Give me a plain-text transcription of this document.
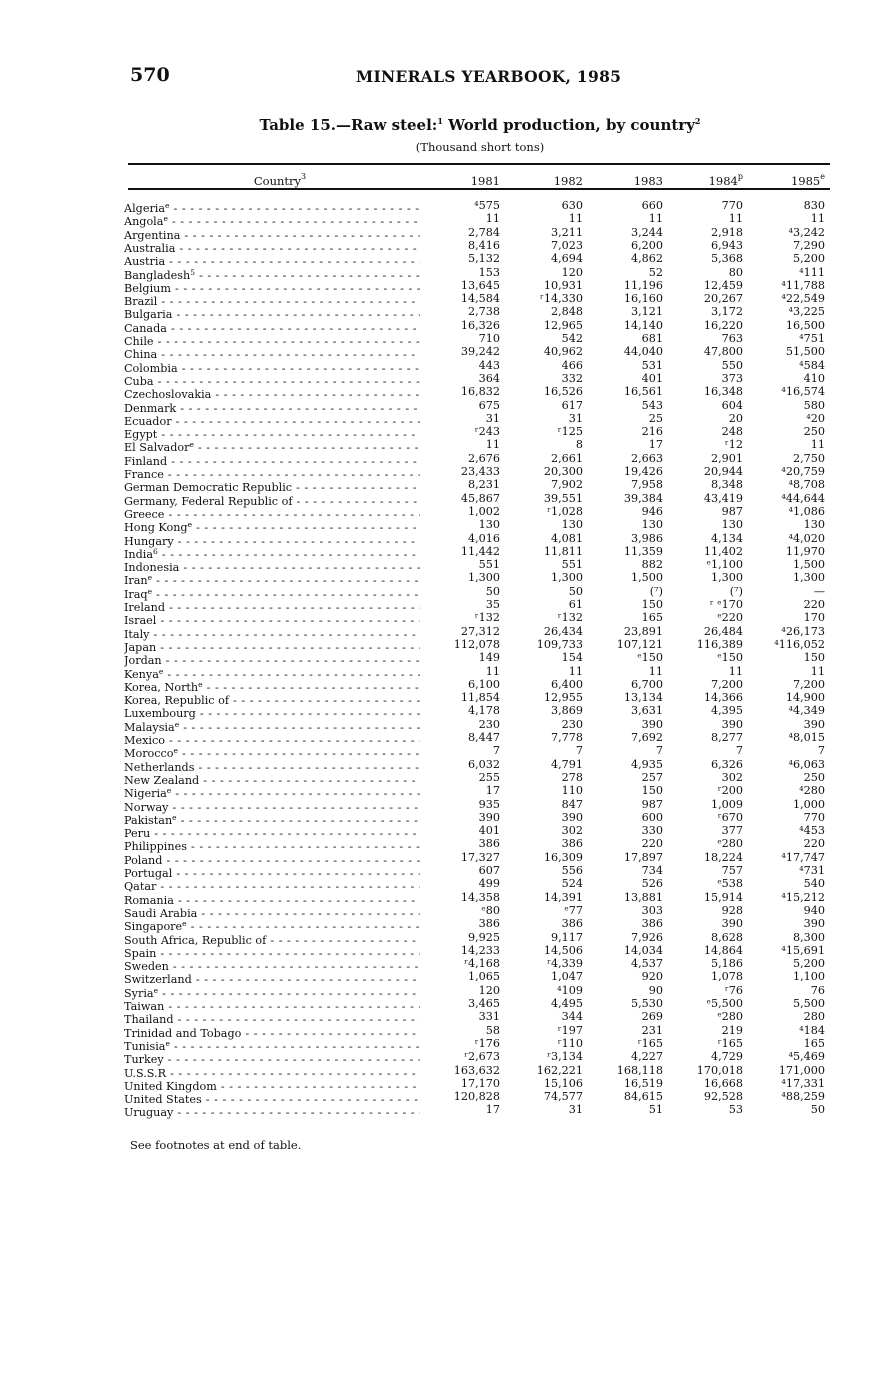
570	MINERALS YEARBOOK, 1985
Table 15.—Raw steel:$^1$ World production, by country$^2$
(Thousand short tons)
Country$^3$	1981	1982	1983	1984$^p$	1985e
Algeria$^e$ - - -	⁴575	630	660	770	830
Angola$^e$ - - -	11	11	11	11	11
Argentina - - -	2,784	3,211	3,244	2,918	⁴3,242
Australia - - -	8,416	7,023	6,200	6,943	7,290
Austria - - -	5,132	4,694	4,862	5,368	5,200
Bangladesh$^5$ - - -	153	120	52	80	⁴111
Belgium - - -	13,645	10,931	11,196	12,459	⁴11,788
Brazil - - -	14,584	ʳ14,330	16,160	20,267	⁴22,549
Bulgaria - - -	2,738	2,848	3,121	3,172	⁴3,225
Canada - - -	16,326	12,965	14,140	16,220	16,500
Chile - - -	710	542	681	763	⁴751
China - - -	39,242	40,962	44,040	47,800	51,500
Colombia - - -	443	466	531	550	⁴584
Cuba - - -	364	332	401	373	410
Czechoslovakia - - -	16,832	16,526	16,561	16,348	⁴16,574
Denmark - - -	675	617	543	604	580
Ecuador - - -	31	31	25	20	⁴20
Egypt - - -	ʳ243	ʳ125	216	248	250
El Salvador$^e$ - - -	11	8	17	ʳ12	11
Finland - - -	2,676	2,661	2,663	2,901	2,750
France - - -	23,433	20,300	19,426	20,944	⁴20,759
German Democratic Republic - - -	8,231	7,902	7,958	8,348	⁴8,708
Germany, Federal Republic of - - -	45,867	39,551	39,384	43,419	⁴44,644
Greece - - -	1,002	ʳ1,028	946	987	⁴1,086
Hong Kong$^e$ - - -	130	130	130	130	130
Hungary - - -	4,016	4,081	3,986	4,134	⁴4,020
India$^6$ - - -	11,442	11,811	11,359	11,402	11,970
Indonesia - - -	551	551	882	ᵉ1,100	1,500
Iran$^e$ - - -	1,300	1,300	1,500	1,300	1,300
Iraq$^e$ - - -	50	50	(⁷)	(⁷)	—
Ireland - - -	35	61	150	ʳ ᵉ170	220
Israel - - -	ʳ132	ʳ132	165	ᵉ220	170
Italy - - -	27,312	26,434	23,891	26,484	⁴26,173
Japan - - -	112,078	109,733	107,121	116,389	⁴116,052
Jordan - - -	149	154	ᵉ150	ᵉ150	150
Kenya$^e$ - - -	11	11	11	11	11
Korea, North$^e$ - - -	6,100	6,400	6,700	7,200	7,200
Korea, Republic of - - -	11,854	12,955	13,134	14,366	14,900
Luxembourg - - -	4,178	3,869	3,631	4,395	⁴4,349
Malaysia$^e$ - - -	230	230	390	390	390
Mexico - - -	8,447	7,778	7,692	8,277	⁴8,015
Morocco$^e$ - - -	7	7	7	7	7
Netherlands - - -	6,032	4,791	4,935	6,326	⁴6,063
New Zealand - - -	255	278	257	302	250
Nigeria$^e$ - - -	17	110	150	ʳ200	⁴280
Norway - - -	935	847	987	1,009	1,000
Pakistan$^e$ - - -	390	390	600	ʳ670	770
Peru - - -	401	302	330	377	⁴453
Philippines - - -	386	386	220	ᵉ280	220
Poland - - -	17,327	16,309	17,897	18,224	⁴17,747
Portugal - - -	607	556	734	757	⁴731
Qatar - - -	499	524	526	ᵉ538	540
Romania - - -	14,358	14,391	13,881	15,914	⁴15,212
Saudi Arabia - - -	ᵉ80	ᵉ77	303	928	940
Singapore$^e$ - - -	386	386	386	390	390
South Africa, Republic of - - -	9,925	9,117	7,926	8,628	8,300
Spain - - -	14,233	14,506	14,034	14,864	⁴15,691
Sweden - - -	ʳ4,168	ʳ4,339	4,537	5,186	5,200
Switzerland - - -	1,065	1,047	920	1,078	1,100
Syria$^e$ - - -	120	⁴109	90	ʳ76	76
Taiwan - - -	3,465	4,495	5,530	ᵉ5,500	5,500
Thailand - - -	331	344	269	ᵉ280	280
Trinidad and Tobago - - -	58	ʳ197	231	219	⁴184
Tunisia$^e$ - - -	ʳ176	ʳ110	ʳ165	ʳ165	165
Turkey - - -	ʳ2,673	ʳ3,134	4,227	4,729	⁴5,469
U.S.S.R - - -	163,632	162,221	168,118	170,018	171,000
United Kingdom - - -	17,170	15,106	16,519	16,668	⁴17,331
United States - - -	120,828	74,577	84,615	92,528	⁴88,259
Uruguay - - -	17	31	51	53	50
See footnotes at end of table.
